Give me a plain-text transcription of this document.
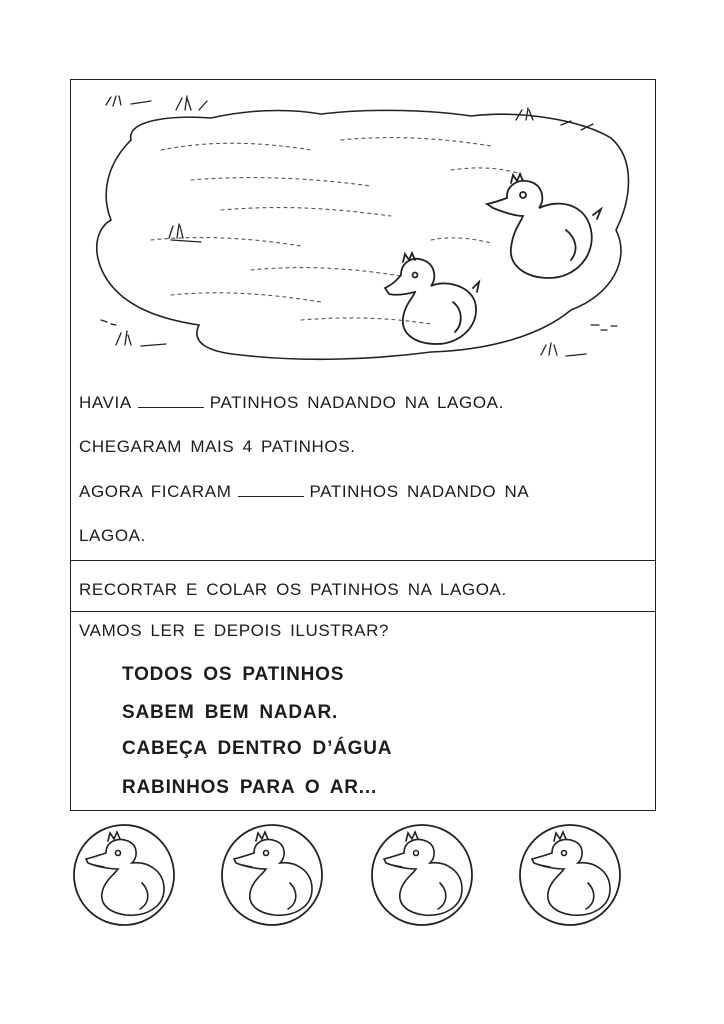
HAVIA	PATINHOS NADANDO NA LAGOA.
CHEGARAM MAIS 4 PATINHOS.
AGORA FICARAM	PATINHOS NADANDO NA
LAGOA.
RECORTAR E COLAR OS PATINHOS NA LAGOA.
VAMOS LER E DEPOIS ILUSTRAR?
TODOS OS PATINHOS
SABEM BEM NADAR.
CABEÇA DENTRO D’ÁGUA
RABINHOS PARA O AR...
